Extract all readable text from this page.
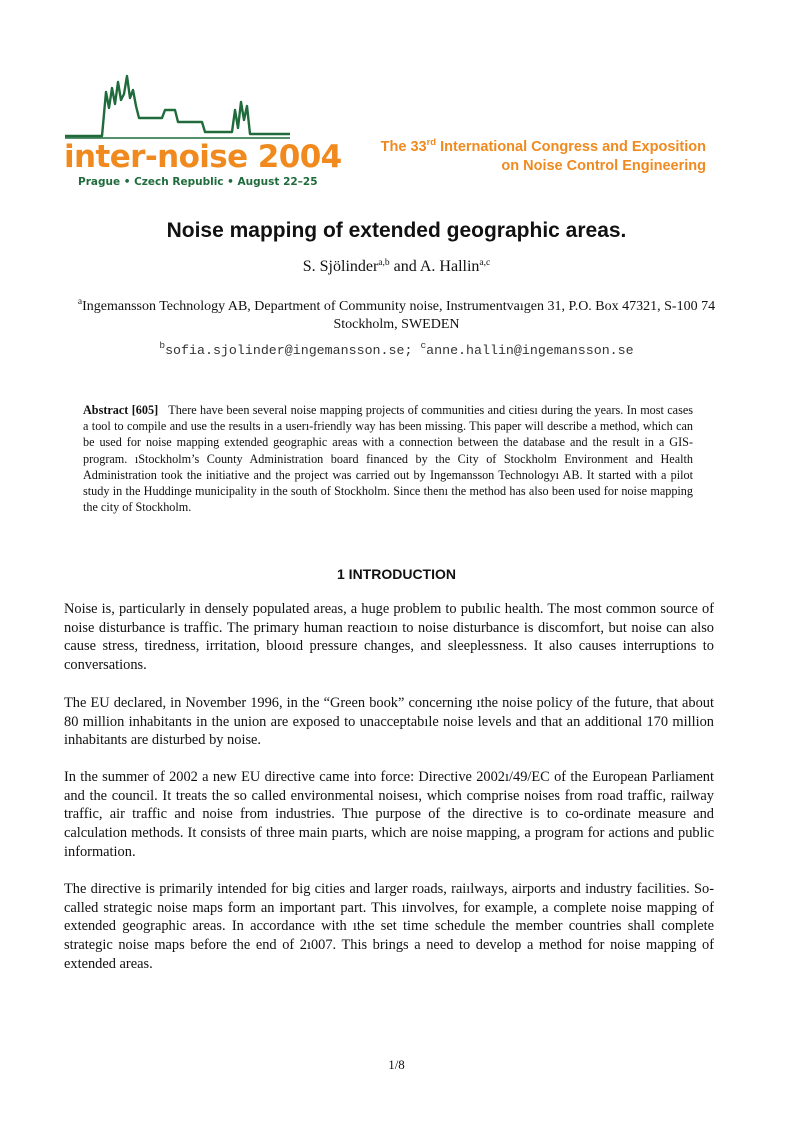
inter-noise 2004
Prague • Czech Republic • August 22–25
The 33rd International Congress and Exposition
on Noise Control Engineering
Noise mapping of extended geographic areas.
S. Sjölinder$^{a,b}$ and A. Hallin$^{a,c}$
$^a$Ingemansson Technology AB, Department of Community noise, Instrumentvaıgen 31, P.O. Box 47321, S-100 74 Stockholm, SWEDEN
$^b$sofia.sjolinder@ingemansson.se; $^c$anne.hallin@ingemansson.se

Abstract [605] There have been several noise mapping projects of communities and citiesı during the years. In most cases a tool to compile and use the results in a userı-friendly way has been missing. This paper will describe a method, which can be used for noise mapping extended geographic areas with a connection between the database and the result in a GIS-program. ıStockholm’s County Administration board financed by the City of Stockholm Environment and Health Administration took the initiative and the project was carried out by Ingemansson Technologyı AB. It started with a pilot study in the Huddinge municipality in the south of Stockholm. Since thenı the method has also been used for noise mapping the city of Stockholm.

1 INTRODUCTION

Noise is, particularly in densely populated areas, a huge problem to pubılic health. The most common source of noise disturbance is traffic. The primary human reactioın to noise disturbance is discomfort, but noise can also cause stress, tiredness, irritation, blooıd pressure changes, and sleeplessness. It also causes interruptions to conversations.

The EU declared, in November 1996, in the “Green book” concerning ıthe noise policy of the future, that about 80 million inhabitants in the union are exposed to unacceptabıle noise levels and that an additional 170 million inhabitants are disturbed by noise.

In the summer of 2002 a new EU directive came into force: Directive 2002ı/49/EC of the European Parliament and the council. It treats the so called environmental noisesı, which comprise noises from road traffic, railway traffic, air traffic and noise from industries. Thıe purpose of the directive is to co-ordinate measure and calculation methods. It consists of three main pıarts, which are noise mapping, a program for actions and public information.

The directive is primarily intended for big cities and larger roads, raiılways, airports and industry facilities. So-called strategic noise maps form an important part. This ıinvolves, for example, a complete noise mapping of extended geographic areas. In accordance with ıthe set time schedule the member countries shall complete strategic noise maps before the end of 2ı007. This brings a need to develop a method for noise mapping of extended areas.

1/8
